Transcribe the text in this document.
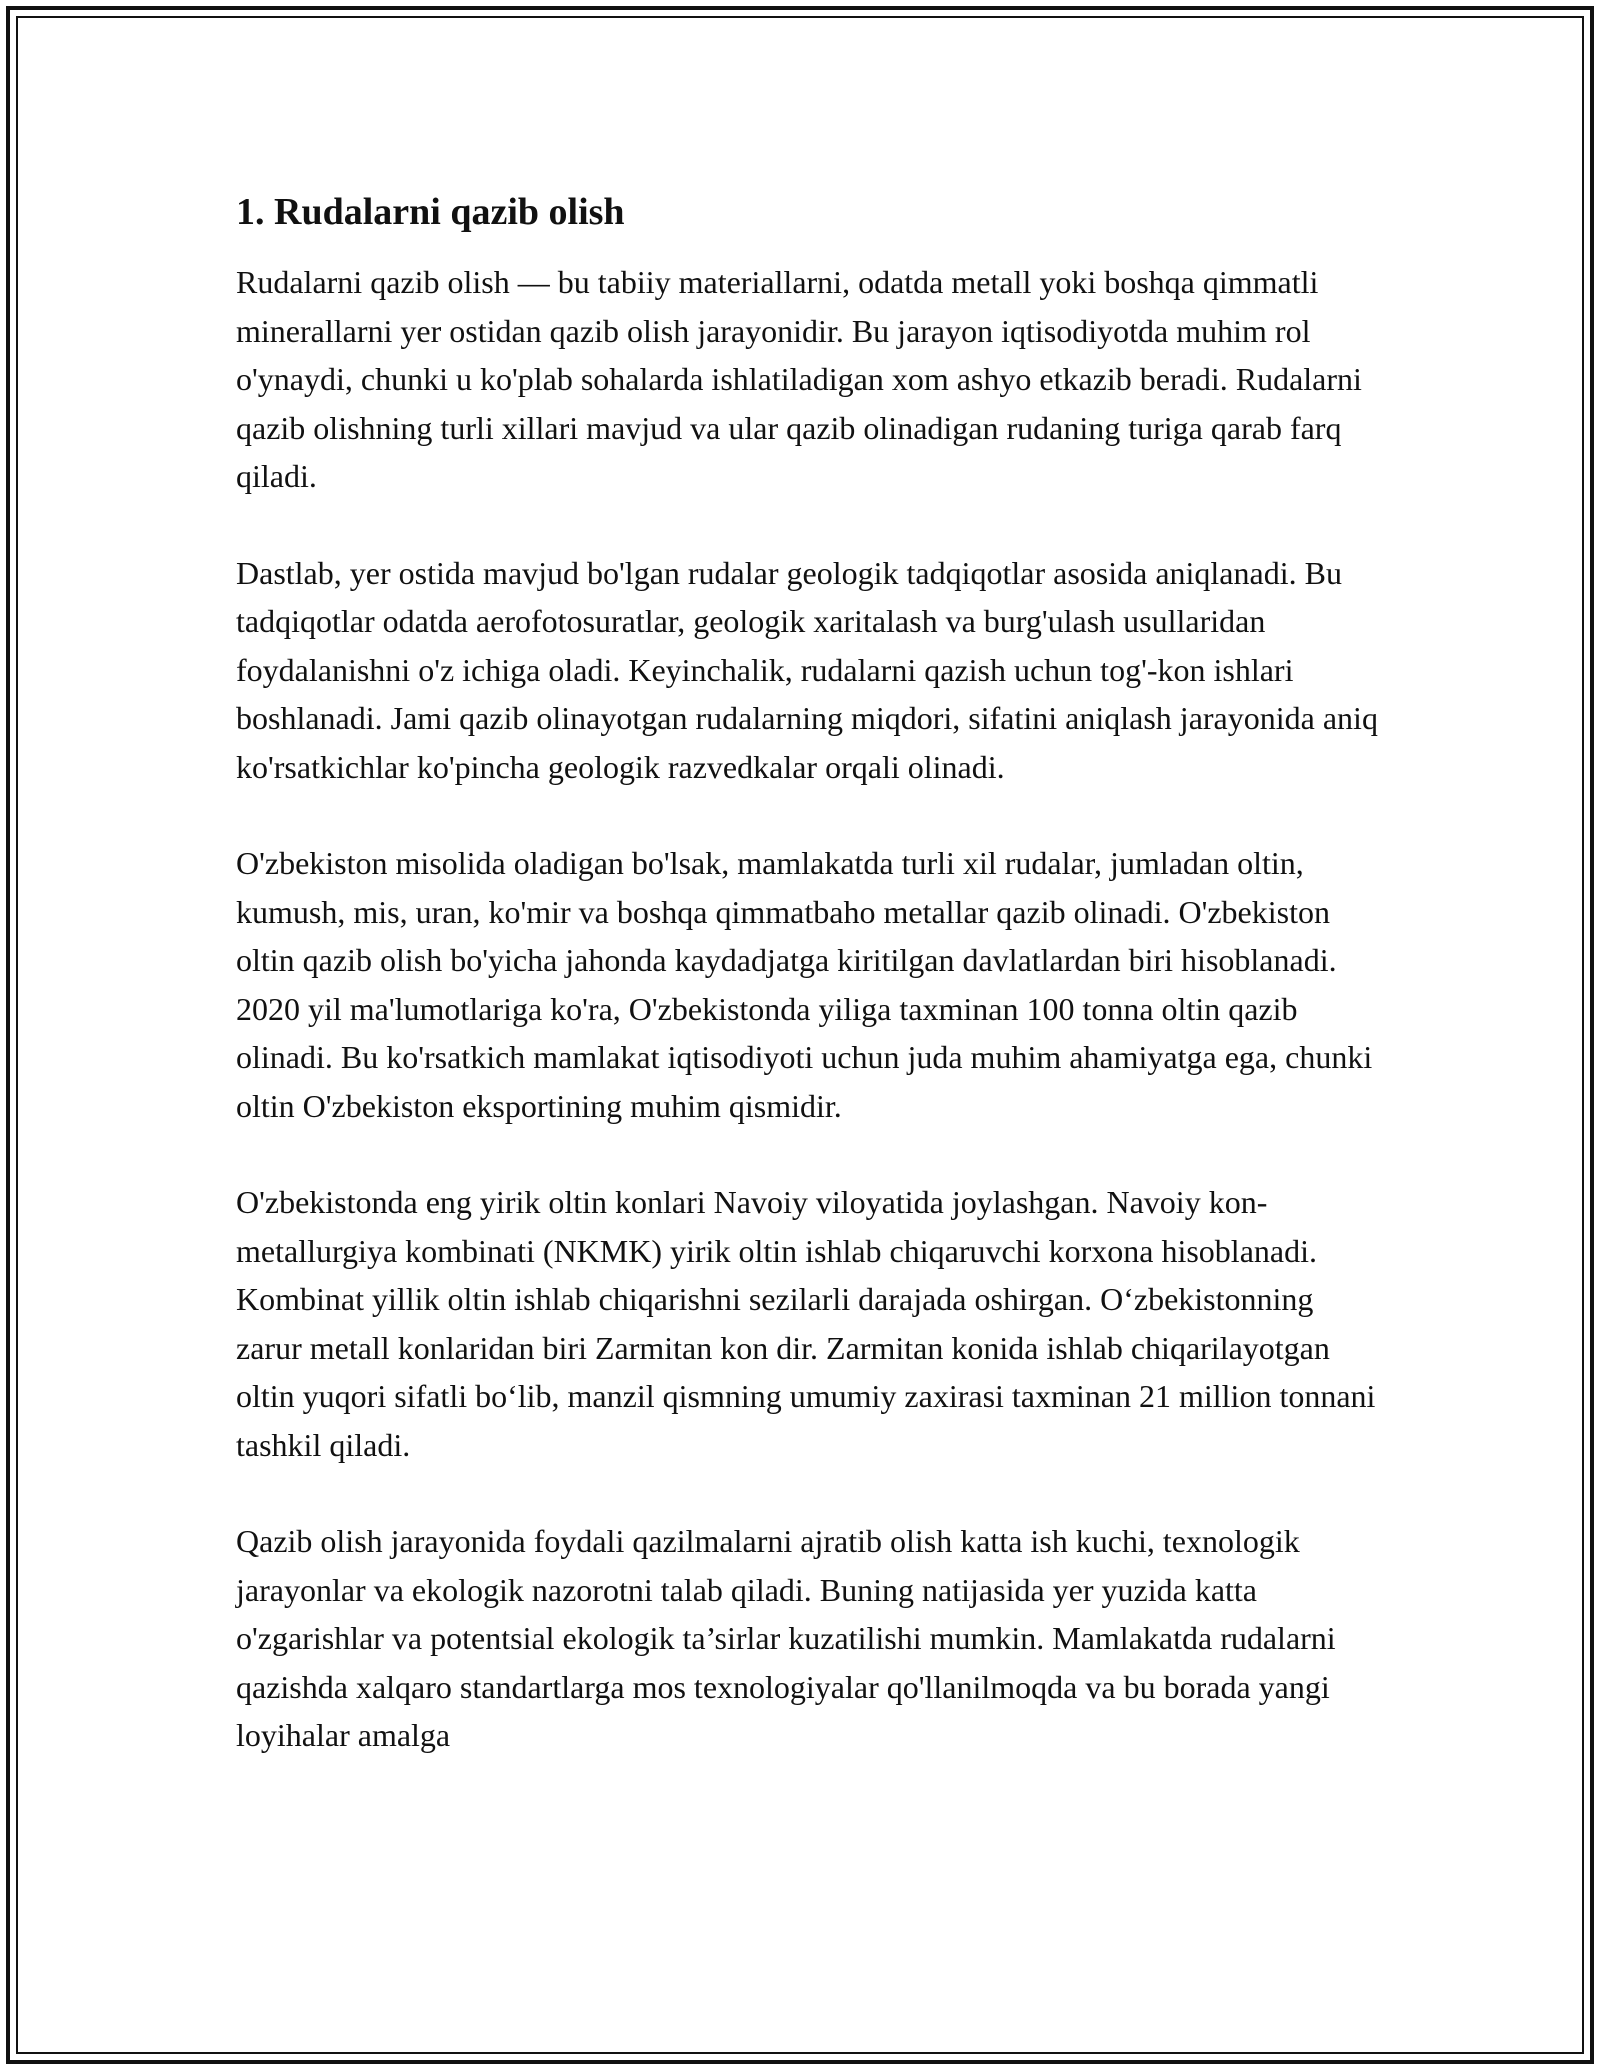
1. Rudalarni qazib olish

Rudalarni qazib olish — bu tabiiy materiallarni, odatda metall yoki boshqa qimmatli minerallarni yer ostidan qazib olish jarayonidir. Bu jarayon iqtisodiyotda muhim rol o'ynaydi, chunki u ko'plab sohalarda ishlatiladigan xom ashyo etkazib beradi. Rudalarni qazib olishning turli xillari mavjud va ular qazib olinadigan rudaning turiga qarab farq qiladi.

Dastlab, yer ostida mavjud bo'lgan rudalar geologik tadqiqotlar asosida aniqlanadi. Bu tadqiqotlar odatda aerofotosuratlar, geologik xaritalash va burg'ulash usullaridan foydalanishni o'z ichiga oladi. Keyinchalik, rudalarni qazish uchun tog'-kon ishlari boshlanadi. Jami qazib olinayotgan rudalarning miqdori, sifatini aniqlash jarayonida aniq ko'rsatkichlar ko'pincha geologik razvedkalar orqali olinadi.

O'zbekiston misolida oladigan bo'lsak, mamlakatda turli xil rudalar, jumladan oltin, kumush, mis, uran, ko'mir va boshqa qimmatbaho metallar qazib olinadi. O'zbekiston oltin qazib olish bo'yicha jahonda kaydadjatga kiritilgan davlatlardan biri hisoblanadi. 2020 yil ma'lumotlariga ko'ra, O'zbekistonda yiliga taxminan 100 tonna oltin qazib olinadi. Bu ko'rsatkich mamlakat iqtisodiyoti uchun juda muhim ahamiyatga ega, chunki oltin O'zbekiston eksportining muhim qismidir.

O'zbekistonda eng yirik oltin konlari Navoiy viloyatida joylashgan. Navoiy kon-metallurgiya kombinati (NKMK) yirik oltin ishlab chiqaruvchi korxona hisoblanadi. Kombinat yillik oltin ishlab chiqarishni sezilarli darajada oshirgan. O‘zbekistonning zarur metall konlaridan biri Zarmitan kon dir. Zarmitan konida ishlab chiqarilayotgan oltin yuqori sifatli bo‘lib, manzil qismning umumiy zaxirasi taxminan 21 million tonnani tashkil qiladi.

Qazib olish jarayonida foydali qazilmalarni ajratib olish katta ish kuchi, texnologik jarayonlar va ekologik nazorotni talab qiladi. Buning natijasida yer yuzida katta o'zgarishlar va potentsial ekologik ta’sirlar kuzatilishi mumkin. Mamlakatda rudalarni qazishda xalqaro standartlarga mos texnologiyalar qo'llanilmoqda va bu borada yangi loyihalar amalga
